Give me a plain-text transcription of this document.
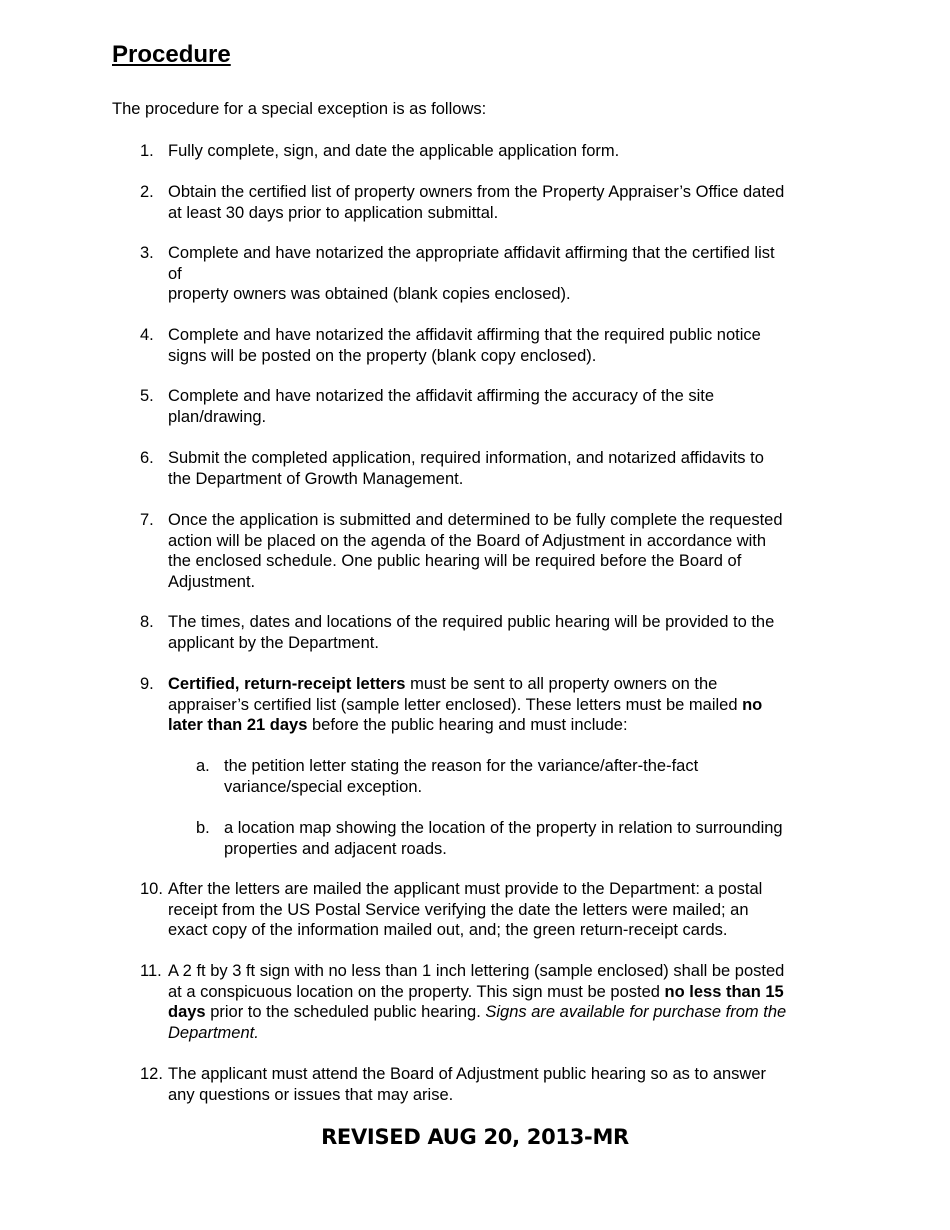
Procedure

The procedure for a special exception is as follows:

1. Fully complete, sign, and date the applicable application form.
2. Obtain the certified list of property owners from the Property Appraiser’s Office dated
at least 30 days prior to application submittal.
3. Complete and have notarized the appropriate affidavit affirming that the certified list
of
property owners was obtained (blank copies enclosed).
4. Complete and have notarized the affidavit affirming that the required public notice
signs will be posted on the property (blank copy enclosed).
5. Complete and have notarized the affidavit affirming the accuracy of the site
plan/drawing.
6. Submit the completed application, required information, and notarized affidavits to
the Department of Growth Management.
7. Once the application is submitted and determined to be fully complete the requested
action will be placed on the agenda of the Board of Adjustment in accordance with
the enclosed schedule. One public hearing will be required before the Board of
Adjustment.
8. The times, dates and locations of the required public hearing will be provided to the
applicant by the Department.
9. Certified, return-receipt letters must be sent to all property owners on the
appraiser’s certified list (sample letter enclosed). These letters must be mailed no
later than 21 days before the public hearing and must include:
a. the petition letter stating the reason for the variance/after-the-fact
variance/special exception.
b. a location map showing the location of the property in relation to surrounding
properties and adjacent roads.
10. After the letters are mailed the applicant must provide to the Department: a postal
receipt from the US Postal Service verifying the date the letters were mailed; an
exact copy of the information mailed out, and; the green return-receipt cards.
11. A 2 ft by 3 ft sign with no less than 1 inch lettering (sample enclosed) shall be posted
at a conspicuous location on the property. This sign must be posted no less than 15
days prior to the scheduled public hearing. Signs are available for purchase from the
Department.
12. The applicant must attend the Board of Adjustment public hearing so as to answer
any questions or issues that may arise.
REVISED AUG 20, 2013-MR
